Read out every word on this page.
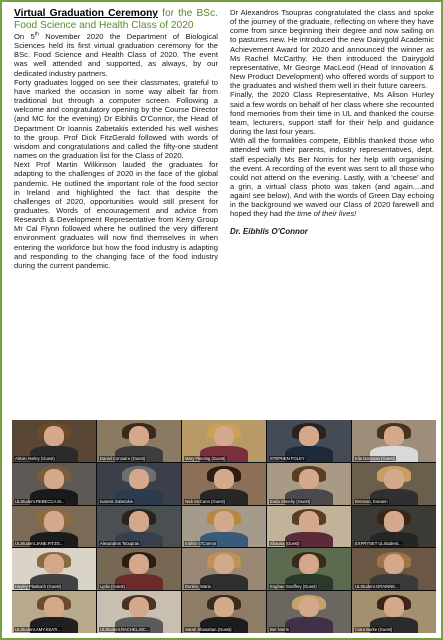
Virtual Graduation Ceremony for the BSc. Food Science and Health Class of 2020

On 5th November 2020 the Department of Biological Sciences held its first virtual graduation ceremony for the BSc. Food Science and Health Class of 2020. The event was well attended and supported, as always, by our dedicated industry partners.

Forty graduates logged on see their classmates, grateful to have marked the occasion in some way albeit far from traditional but through a computer screen. Following a welcome and congratulatory opening by the Course Director (and MC for the evening) Dr Eibhlis O'Connor, the Head of Department Dr Ioannis Zabetakis extended his well wishes to the group. Prof Dick FitzGerald followed with words of wisdom and congratulations and called the fifty-one student names on the graduation list for the Class of 2020.

Next Prof Martin Wilkinson lauded the graduates for adapting to the challenges of 2020 in the face of the global pandemic. He outlined the important role of the food sector in Ireland and highlighted the fact that despite the challenges of 2020, opportunities would still present for graduates. Words of encouragement and advice from Research & Development Representative from Kerry Group Mr Cal Flynn followed where he outlined the very different environment graduates will now find themselves in when entering the workforce but how the food industry is adapting and responding to the changing face of the food industry during the current pandemic.

Dr Alexandros Tsoupras congratulated the class and spoke of the journey of the graduate, reflecting on where they have come from since beginning their degree and now sailing on to pastures new. He introduced the new Dairygold Academic Achievement Award for 2020 and announced the winner as Ms Rachel McCarthy. He then introduced the Dairygold representative, Mr George MacLeod (Head of Innovation & New Product Development) who offered words of support to the graduates and wished them well in their future careers.

Finally, the 2020 Class Representative, Ms Alison Hurley said a few words on behalf of her class where she recounted fond memories from their time in UL and thanked the course team, lecturers, support staff for their help and guidance during the last four years.

With all the formalities compete, Eibhlis thanked those who attended with their parents, industry representatives, dept. staff especially Ms Ber Norris for her help with organising the event. A recording of the event was sent to all those who could not attend on the evening. Lastly, with a 'cheese' and a grin, a virtual class photo was taken (and again....and again! see below). And with the words of Green Day echoing in the background we waved our Class of 2020 farewell and hoped they had the time of their lives!

Dr. Eibhlís O'Connor

Alison Hurley (Guest)	Daniel Connaire (Guest)	Mary Fleming (Guest)	STEPHEN FOLEY	Ella Donovan (Guest)
ULStudent.REBECCA.M...	Ioannis Zabetakis	Nick McCann (Guest)	Eoda Sheehy (Guest)	Brennan, Eoeann
ULStudent.JANE.FITZG...	Alexandros Tsoupras	Eibhlis O'Connor	Shauna (Guest)	EXPRYSET ULStudent...
Hayley Plaskach (Guest)	Lydia (Guest)	Dunkin, Maria	Eoghan Geoffrey (Guest)	ULStudent.GRAINNE...
ULStudent.AMY.KEATI...	ULStudent.RACHEL.MC...	Sarah Shanahan (Guest)	Ber Norris	Ciara Burke (Guest)
